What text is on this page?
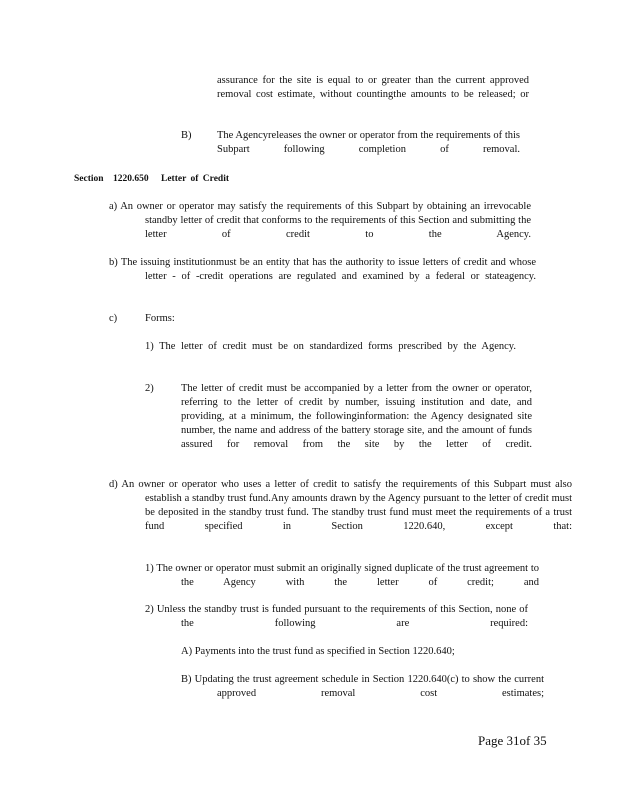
assurance for the site is equal to or greater than the current approved removal cost estimate, without countingthe amounts to be released; or

B) The Agencyreleases the owner or operator from the requirements of this Subpart following completion of removal.

Section 1220.650 Letter of Credit

a) An owner or operator may satisfy the requirements of this Subpart by obtaining an irrevocable standby letter of credit that conforms to the requirements of this Section and submitting the letter of credit to the Agency.

b) The issuing institutionmust be an entity that has the authority to issue letters of credit and whose letter - of -credit operations are regulated and examined by a federal or stateagency.

c)	Forms:

1) The letter of credit must be on standardized forms prescribed by the Agency.

2)	The letter of credit must be accompanied by a letter from the owner or operator, referring to the letter of credit by number, issuing institution and date, and providing, at a minimum, the followinginformation: the Agency designated site number, the name and address of the battery storage site, and the amount of funds assured for removal from the site by the letter of credit.

d) An owner or operator who uses a letter of credit to satisfy the requirements of this Subpart must also establish a standby trust fund.Any amounts drawn by the Agency pursuant to the letter of credit must be deposited in the standby trust fund. The standby trust fund must meet the requirements of a trust fund specified in Section 1220.640, except that:

1) The owner or operator must submit an originally signed duplicate of the trust agreement to the Agency with the letter of credit; and

2) Unless the standby trust is funded pursuant to the requirements of this Section, none of the following are required:

A) Payments into the trust fund as specified in Section 1220.640;

B) Updating the trust agreement schedule in Section 1220.640(c) to show the current approved removal cost estimates;

Page 31of 35
